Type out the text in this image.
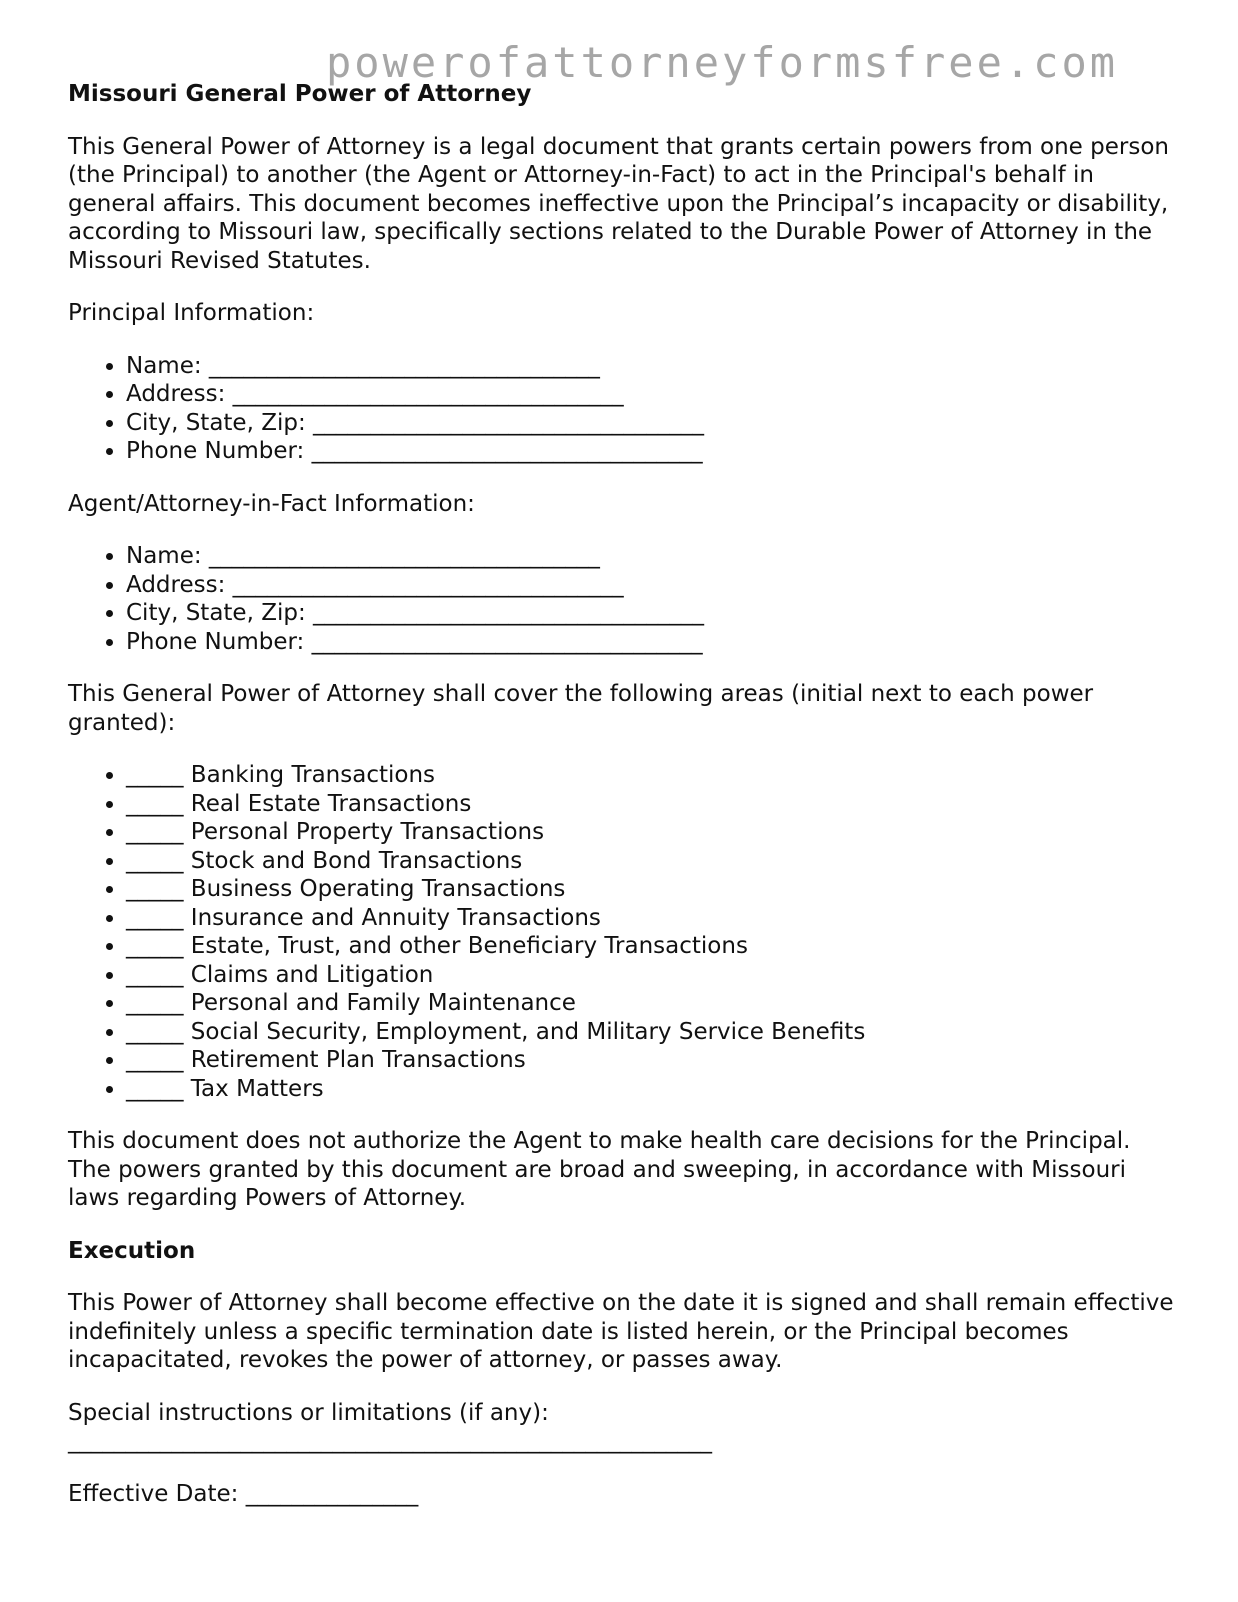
powerofattorneyformsfree.com
Missouri General Power of Attorney

This General Power of Attorney is a legal document that grants certain powers from one person (the Principal) to another (the Agent or Attorney-in-Fact) to act in the Principal's behalf in general affairs. This document becomes ineffective upon the Principal’s incapacity or disability, according to Missouri law, specifically sections related to the Durable Power of Attorney in the Missouri Revised Statutes.

Principal Information:

• Name: __________________________________
• Address: __________________________________
• City, State, Zip: __________________________________
• Phone Number: __________________________________

Agent/Attorney-in-Fact Information:

• Name: __________________________________
• Address: __________________________________
• City, State, Zip: __________________________________
• Phone Number: __________________________________

This General Power of Attorney shall cover the following areas (initial next to each power granted):

• _____ Banking Transactions
• _____ Real Estate Transactions
• _____ Personal Property Transactions
• _____ Stock and Bond Transactions
• _____ Business Operating Transactions
• _____ Insurance and Annuity Transactions
• _____ Estate, Trust, and other Beneficiary Transactions
• _____ Claims and Litigation
• _____ Personal and Family Maintenance
• _____ Social Security, Employment, and Military Service Benefits
• _____ Retirement Plan Transactions
• _____ Tax Matters

This document does not authorize the Agent to make health care decisions for the Principal. The powers granted by this document are broad and sweeping, in accordance with Missouri laws regarding Powers of Attorney.

Execution

This Power of Attorney shall become effective on the date it is signed and shall remain effective indefinitely unless a specific termination date is listed herein, or the Principal becomes incapacitated, revokes the power of attorney, or passes away.

Special instructions or limitations (if any):

________________________________________________________

Effective Date: _______________
